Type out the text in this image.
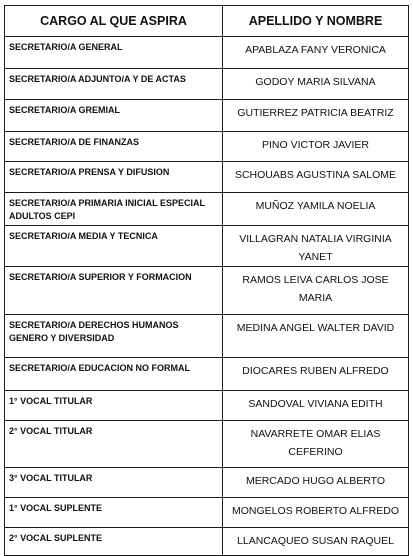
CARGO AL QUE ASPIRA	APELLIDO Y NOMBRE
SECRETARIO/A GENERAL	APABLAZA FANY VERONICA
SECRETARIO/A ADJUNTO/A Y DE ACTAS	GODOY MARIA SILVANA
SECRETARIO/A GREMIAL	GUTIERREZ PATRICIA BEATRIZ
SECRETARIO/A DE FINANZAS	PINO VICTOR JAVIER
SECRETARIO/A PRENSA Y DIFUSION	SCHOUABS AGUSTINA SALOME
SECRETARIO/A PRIMARIA INICIAL ESPECIAL ADULTOS CEPI	MUÑOZ YAMILA NOELIA
SECRETARIO/A MEDIA Y TECNICA	VILLAGRAN NATALIA VIRGINIA YANET
SECRETARIO/A SUPERIOR Y FORMACION	RAMOS LEIVA CARLOS JOSE MARIA
SECRETARIO/A DERECHOS HUMANOS GENERO Y DIVERSIDAD	MEDINA ANGEL WALTER DAVID
SECRETARIO/A EDUCACION NO FORMAL	DIOCARES RUBEN ALFREDO
1° VOCAL TITULAR	SANDOVAL VIVIANA EDITH
2° VOCAL TITULAR	NAVARRETE OMAR ELIAS CEFERINO
3° VOCAL TITULAR	MERCADO HUGO ALBERTO
1° VOCAL SUPLENTE	MONGELOS ROBERTO ALFREDO
2° VOCAL SUPLENTE	LLANCAQUEO SUSAN RAQUEL
